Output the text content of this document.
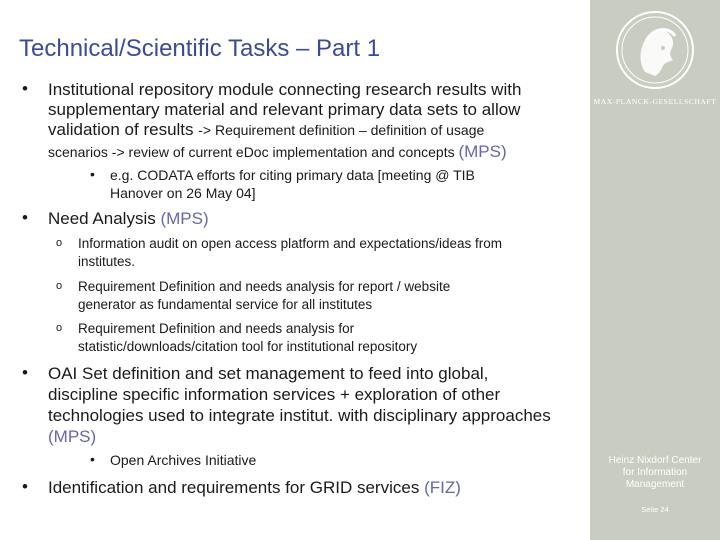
Technical/Scientific Tasks – Part 1
• Institutional repository module connecting research results with
supplementary material and relevant primary data sets to allow
validation of results -> Requirement definition – definition of usage
scenarios -> review of current eDoc implementation and concepts (MPS)
• e.g. CODATA efforts for citing primary data [meeting @ TIB
Hanover on 26 May 04]
• Need Analysis (MPS)
o Information audit on open access platform and expectations/ideas from
institutes.
o Requirement Definition and needs analysis for report / website
generator as fundamental service for all institutes
o Requirement Definition and needs analysis for
statistic/downloads/citation tool for institutional repository
• OAI Set definition and set management to feed into global,
discipline specific information services + exploration of other
technologies used to integrate institut. with disciplinary approaches
(MPS)
• Open Archives Initiative
• Identification and requirements for GRID services (FIZ)
MAX-PLANCK-GESELLSCHAFT
Heinz Nixdorf Center
for Information
Management
Seite 24
